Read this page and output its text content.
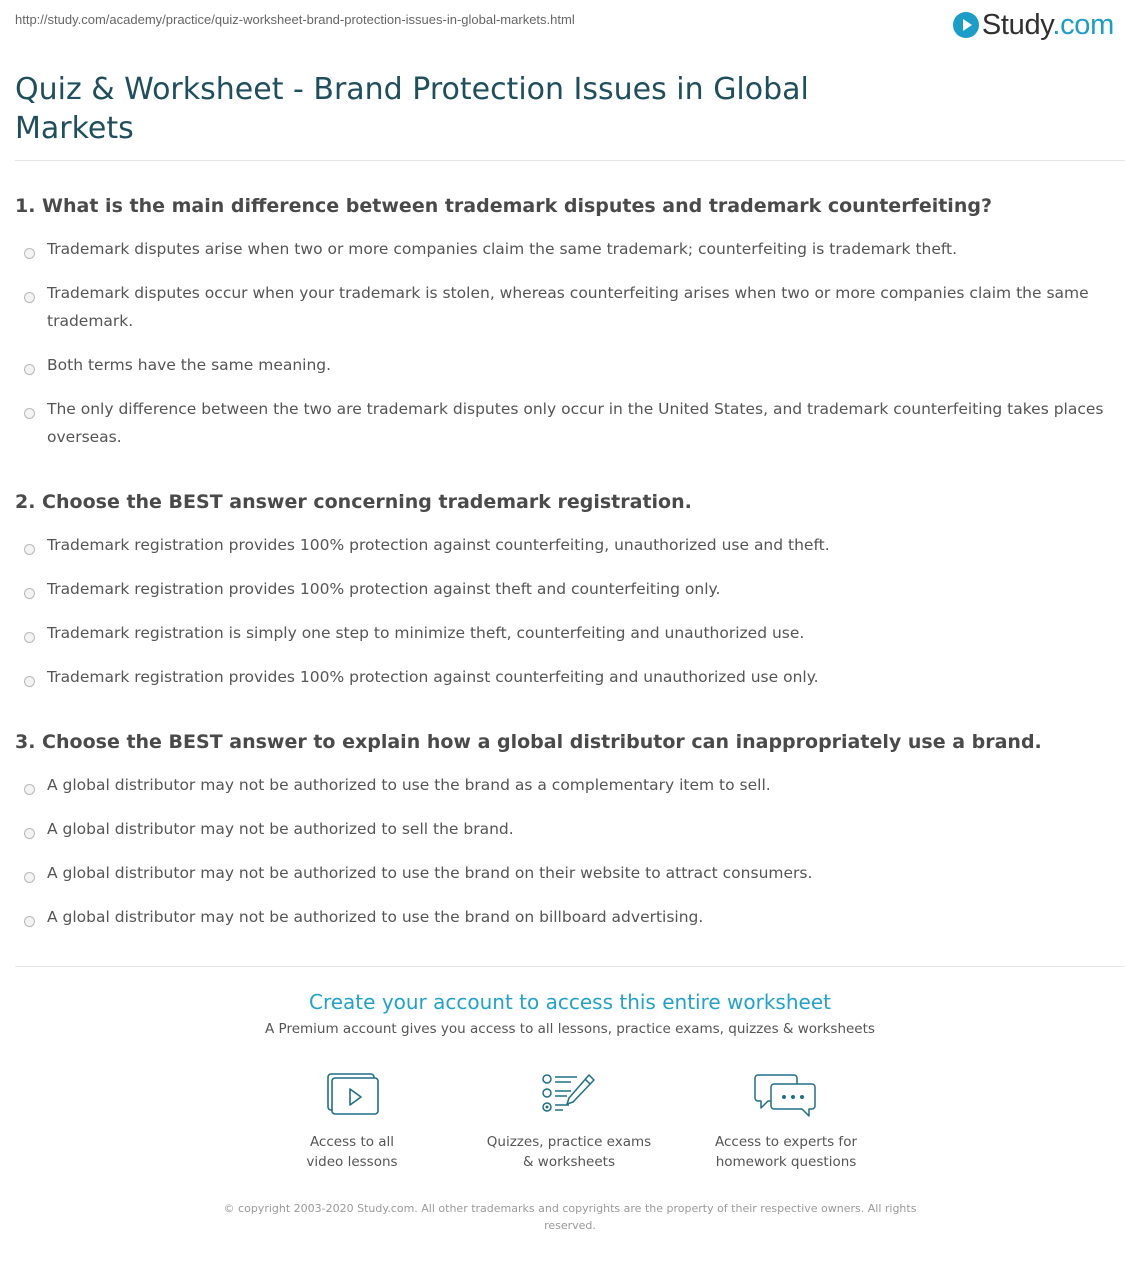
http://study.com/academy/practice/quiz-worksheet-brand-protection-issues-in-global-markets.html	Study.com
Quiz & Worksheet - Brand Protection Issues in Global Markets
1. What is the main difference between trademark disputes and trademark counterfeiting?
Trademark disputes arise when two or more companies claim the same trademark; counterfeiting is trademark theft.
Trademark disputes occur when your trademark is stolen, whereas counterfeiting arises when two or more companies claim the same trademark.
Both terms have the same meaning.
The only difference between the two are trademark disputes only occur in the United States, and trademark counterfeiting takes places overseas.
2. Choose the BEST answer concerning trademark registration.
Trademark registration provides 100% protection against counterfeiting, unauthorized use and theft.
Trademark registration provides 100% protection against theft and counterfeiting only.
Trademark registration is simply one step to minimize theft, counterfeiting and unauthorized use.
Trademark registration provides 100% protection against counterfeiting and unauthorized use only.
3. Choose the BEST answer to explain how a global distributor can inappropriately use a brand.
A global distributor may not be authorized to use the brand as a complementary item to sell.
A global distributor may not be authorized to sell the brand.
A global distributor may not be authorized to use the brand on their website to attract consumers.
A global distributor may not be authorized to use the brand on billboard advertising.
Create your account to access this entire worksheet
A Premium account gives you access to all lessons, practice exams, quizzes & worksheets
Access to all
video lessons
Quizzes, practice exams
& worksheets
Access to experts for
homework questions
© copyright 2003-2020 Study.com. All other trademarks and copyrights are the property of their respective owners. All rights reserved.
